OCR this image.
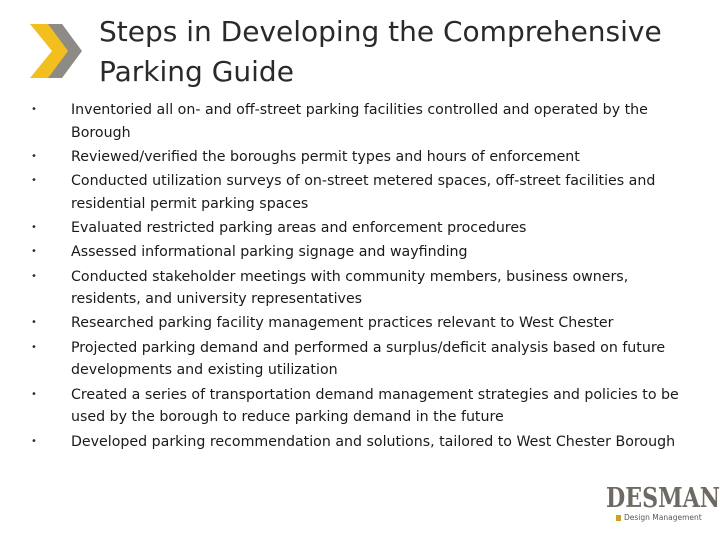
Steps in Developing the Comprehensive
Parking Guide
• Inventoried all on- and off-street parking facilities controlled and operated by the Borough
• Reviewed/verified the boroughs permit types and hours of enforcement
• Conducted utilization surveys of on-street metered spaces, off-street facilities and residential permit parking spaces
• Evaluated restricted parking areas and enforcement procedures
• Assessed informational parking signage and wayfinding
• Conducted stakeholder meetings with community members, business owners, residents, and university representatives
• Researched parking facility management practices relevant to West Chester
• Projected parking demand and performed a surplus/deficit analysis based on future developments and existing utilization
• Created a series of transportation demand management strategies and policies to be used by the borough to reduce parking demand in the future
• Developed parking recommendation and solutions, tailored to West Chester Borough
DESMAN
Design Management
